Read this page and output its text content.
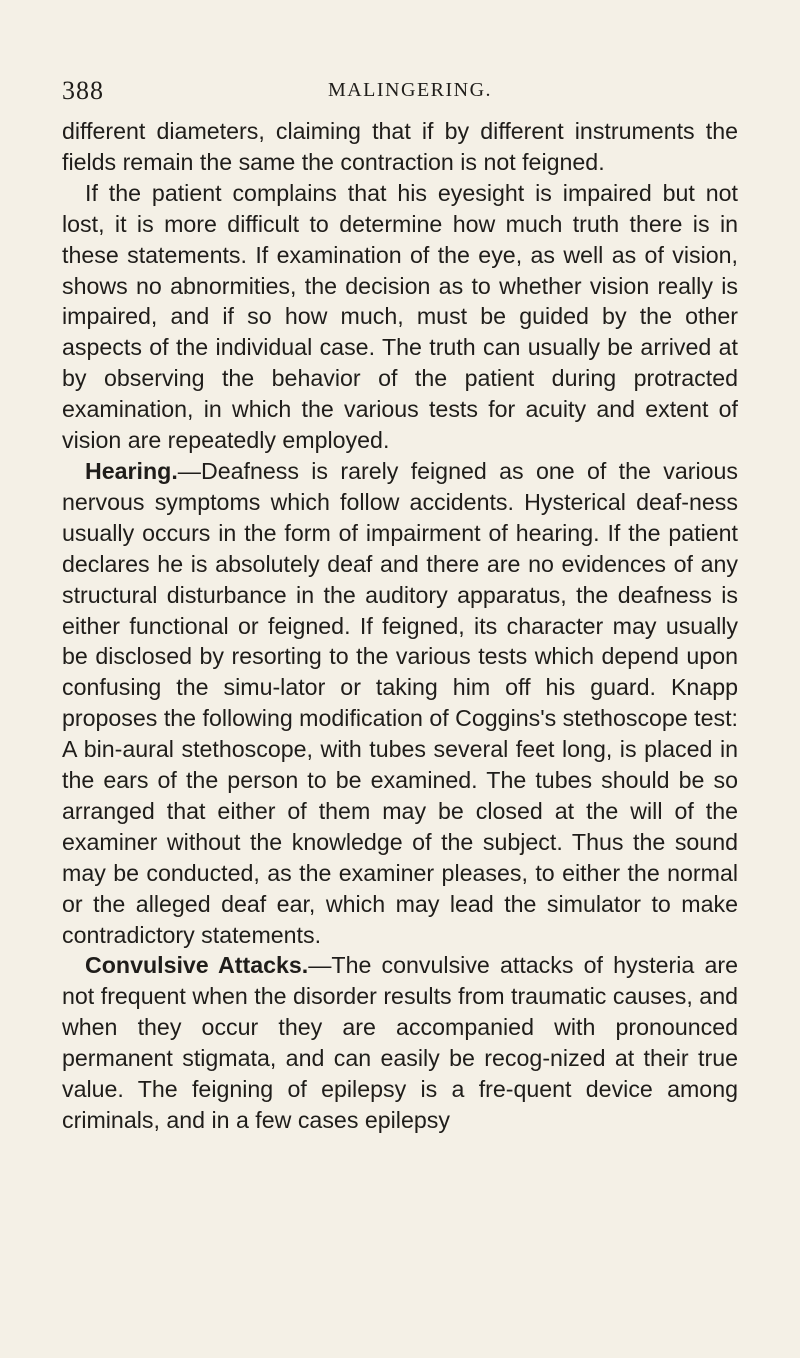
388	MALINGERING.

different diameters, claiming that if by different instruments the fields remain the same the contraction is not feigned.

If the patient complains that his eyesight is impaired but not lost, it is more difficult to determine how much truth there is in these statements. If examination of the eye, as well as of vision, shows no abnormities, the decision as to whether vision really is impaired, and if so how much, must be guided by the other aspects of the individual case. The truth can usually be arrived at by observing the behavior of the patient during protracted examination, in which the various tests for acuity and extent of vision are repeatedly employed.

Hearing.—Deafness is rarely feigned as one of the various nervous symptoms which follow accidents. Hysterical deaf-ness usually occurs in the form of impairment of hearing. If the patient declares he is absolutely deaf and there are no evidences of any structural disturbance in the auditory apparatus, the deafness is either functional or feigned. If feigned, its character may usually be disclosed by resorting to the various tests which depend upon confusing the simu-lator or taking him off his guard. Knapp proposes the following modification of Coggins's stethoscope test: A bin-aural stethoscope, with tubes several feet long, is placed in the ears of the person to be examined. The tubes should be so arranged that either of them may be closed at the will of the examiner without the knowledge of the subject. Thus the sound may be conducted, as the examiner pleases, to either the normal or the alleged deaf ear, which may lead the simulator to make contradictory statements.

Convulsive Attacks.—The convulsive attacks of hysteria are not frequent when the disorder results from traumatic causes, and when they occur they are accompanied with pronounced permanent stigmata, and can easily be recog-nized at their true value. The feigning of epilepsy is a fre-quent device among criminals, and in a few cases epilepsy
